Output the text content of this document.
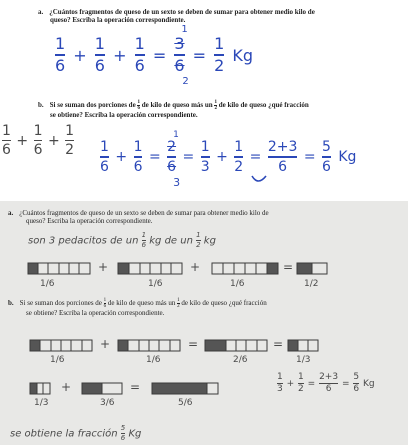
a. ¿Cuántos fragmentos de queso de un sexto se deben de sumar para obtener medio kilo de
queso? Escriba la operación correspondiente.
$\frac{1}{6} + \frac{1}{6} + \frac{1}{6}$ =
1
$\frac{3}{6}$
2
= $\frac{1}{2}$ Kg
b. Si se suman dos porciones de $\frac{1}{6}$ de kilo de queso más un $\frac{1}{2}$ de kilo de queso ¿qué fracción
se obtiene? Escriba la operación correspondiente.
$\frac{1}{6} + \frac{1}{6} + \frac{1}{2} \frac{1}{6} + \frac{1}{6}$ =
1
$\frac{2}{6}$
3
= $\frac{1}{3} + \frac{1}{2} = \frac{2+3}{6} = \frac{5}{6}$ Kg
a. ¿Cuántos fragmentos de queso de un sexto se deben de sumar para obtener medio kilo de
queso? Escriba la operación correspondiente.
son 3 pedacitos de un $\frac{1}{6}$ kg de un $\frac{1}{2}$ kg
+	+	=
1/6	1/6	1/6	1/2
b. Si se suman dos porciones de $\frac{1}{6}$ de kilo de queso más un $\frac{1}{2}$ de kilo de queso ¿qué fracción
se obtiene? Escriba la operación correspondiente.
+	=	=
1/6	1/6	2/6	1/3
+	=
1/3	3/6	5/6
$\frac{1}{3} + \frac{1}{2} = \frac{2+3}{6} = \frac{5}{6}$ Kg
se obtiene la fracción $\frac{5}{6}$ Kg
